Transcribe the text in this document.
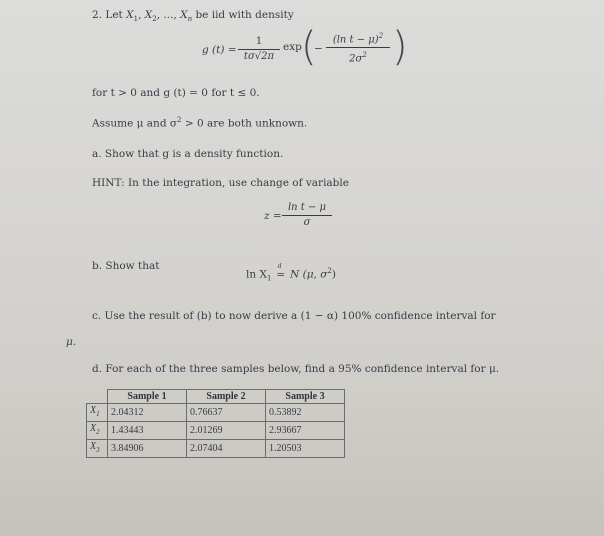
2. Let $X_1$, $X_2$, ..., $X_n$ be iid with density
g (t) =
1
tσ√2π
exp (
−
(ln t − μ)$^2$
$2\sigma^2$ )
for t > 0 and g (t) = 0 for t ≤ 0.
Assume μ and $\sigma^2 > 0$ are both unknown.
a. Show that g is a density function.
HINT: In the integration, use change of variable
z =
ln t − μ
σ
b. Show that
$\ln X_1$
d
= N (μ, $\sigma^2$)
c. Use the result of (b) to now derive a (1 − α) 100% confidence interval for
μ.
d. For each of the three samples below, find a 95% confidence interval for μ.
	Sample 1	Sample 2	Sample 3
$X_1$	2.04312	0.76637	0.53892
$X_2$	1.43443	2.01269	2.93667
$X_3$	3.84906	2.07404	1.20503
